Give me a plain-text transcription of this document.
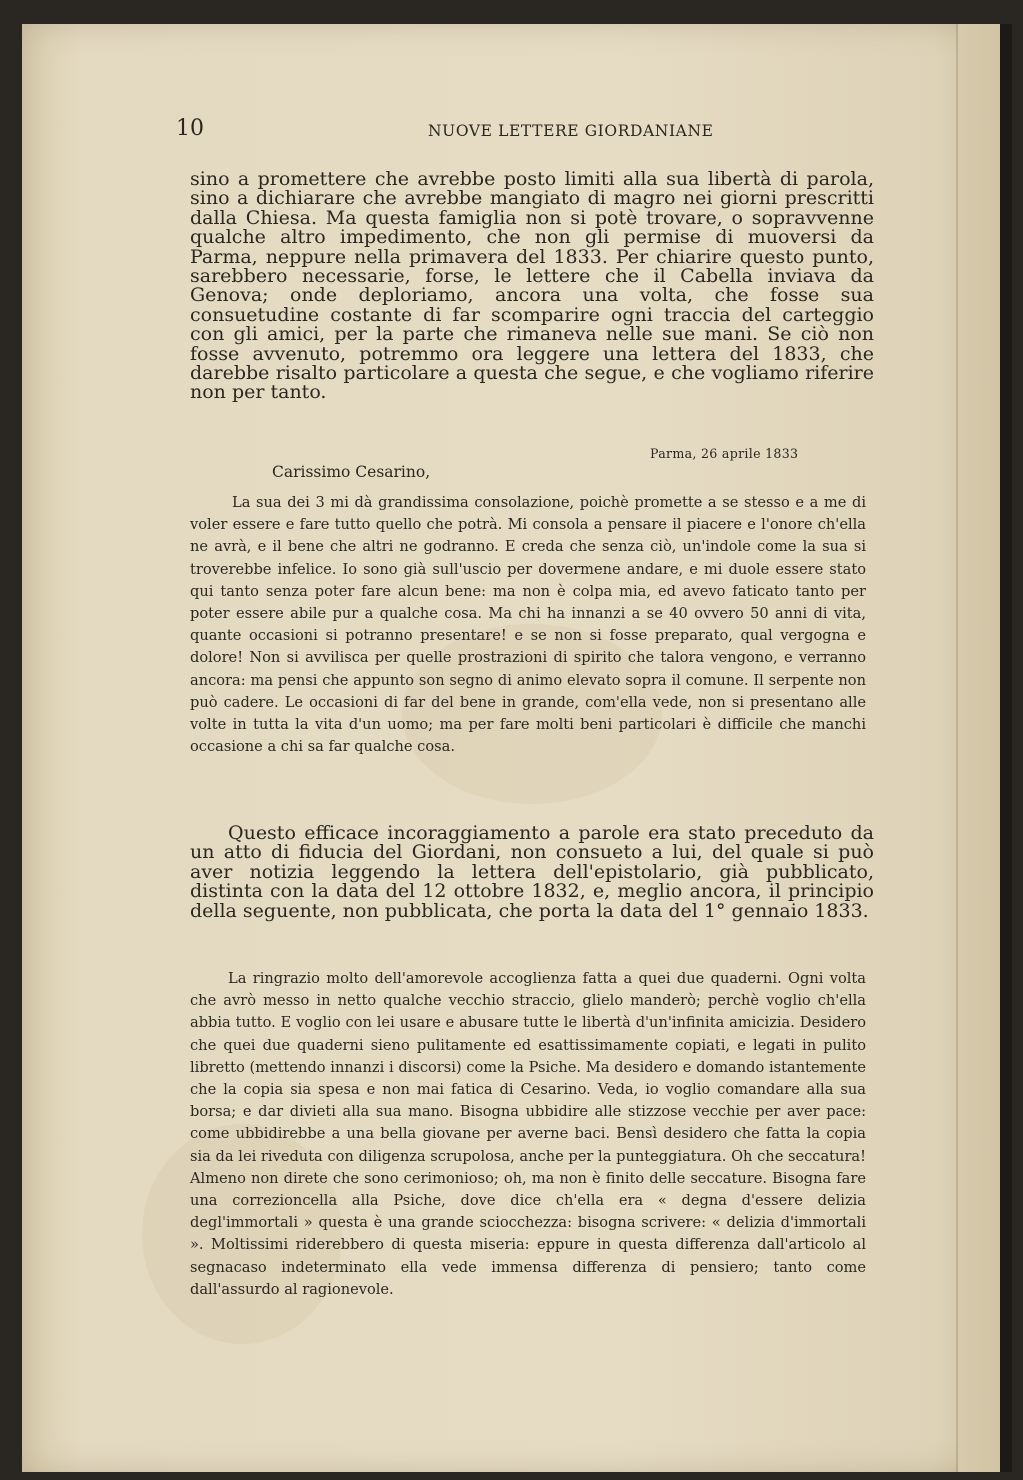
10	NUOVE LETTERE GIORDANIANE

sino a promettere che avrebbe posto limiti alla sua libertà di parola, sino a dichiarare che avrebbe mangiato di magro nei giorni prescritti dalla Chiesa. Ma questa famiglia non si potè trovare, o sopravvenne qualche altro impedimento, che non gli permise di muoversi da Parma, neppure nella primavera del 1833. Per chiarire questo punto, sarebbero necessarie, forse, le lettere che il Cabella inviava da Genova; onde deploriamo, ancora una volta, che fosse sua consuetudine costante di far scomparire ogni traccia del carteggio con gli amici, per la parte che rimaneva nelle sue mani. Se ciò non fosse avvenuto, potremmo ora leggere una lettera del 1833, che darebbe risalto particolare a questa che segue, e che vogliamo riferire non per tanto.

Parma, 26 aprile 1833
Carissimo Cesarino,

La sua dei 3 mi dà grandissima consolazione, poichè promette a se stesso e a me di voler essere e fare tutto quello che potrà. Mi consola a pensare il piacere e l'onore ch'ella ne avrà, e il bene che altri ne godranno. E creda che senza ciò, un'indole come la sua si troverebbe infelice. Io sono già sull'uscio per dovermene andare, e mi duole essere stato qui tanto senza poter fare alcun bene: ma non è colpa mia, ed avevo faticato tanto per poter essere abile pur a qualche cosa. Ma chi ha innanzi a se 40 ovvero 50 anni di vita, quante occasioni si potranno presentare! e se non si fosse preparato, qual vergogna e dolore! Non si avvilisca per quelle prostrazioni di spirito che talora vengono, e verranno ancora: ma pensi che appunto son segno di animo elevato sopra il comune. Il serpente non può cadere. Le occasioni di far del bene in grande, com'ella vede, non si presentano alle volte in tutta la vita d'un uomo; ma per fare molti beni particolari è difficile che manchi occasione a chi sa far qualche cosa.

Questo efficace incoraggiamento a parole era stato preceduto da un atto di fiducia del Giordani, non consueto a lui, del quale si può aver notizia leggendo la lettera dell'epistolario, già pubblicato, distinta con la data del 12 ottobre 1832, e, meglio ancora, il principio della seguente, non pubblicata, che porta la data del 1° gennaio 1833.

La ringrazio molto dell'amorevole accoglienza fatta a quei due quaderni. Ogni volta che avrò messo in netto qualche vecchio straccio, glielo manderò; perchè voglio ch'ella abbia tutto. E voglio con lei usare e abusare tutte le libertà d'un'infinita amicizia. Desidero che quei due quaderni sieno pulitamente ed esattissimamente copiati, e legati in pulito libretto (mettendo innanzi i discorsi) come la Psiche. Ma desidero e domando istantemente che la copia sia spesa e non mai fatica di Cesarino. Veda, io voglio comandare alla sua borsa; e dar divieti alla sua mano. Bisogna ubbidire alle stizzose vecchie per aver pace: come ubbidirebbe a una bella giovane per averne baci. Bensì desidero che fatta la copia sia da lei riveduta con diligenza scrupolosa, anche per la punteggiatura. Oh che seccatura! Almeno non direte che sono cerimonioso; oh, ma non è finito delle seccature. Bisogna fare una correzioncella alla Psiche, dove dice ch'ella era « degna d'essere delizia degl'immortali » questa è una grande sciocchezza: bisogna scrivere: « delizia d'immortali ». Moltissimi riderebbero di questa miseria: eppure in questa differenza dall'articolo al segnacaso indeterminato ella vede immensa differenza di pensiero; tanto come dall'assurdo al ragionevole.
